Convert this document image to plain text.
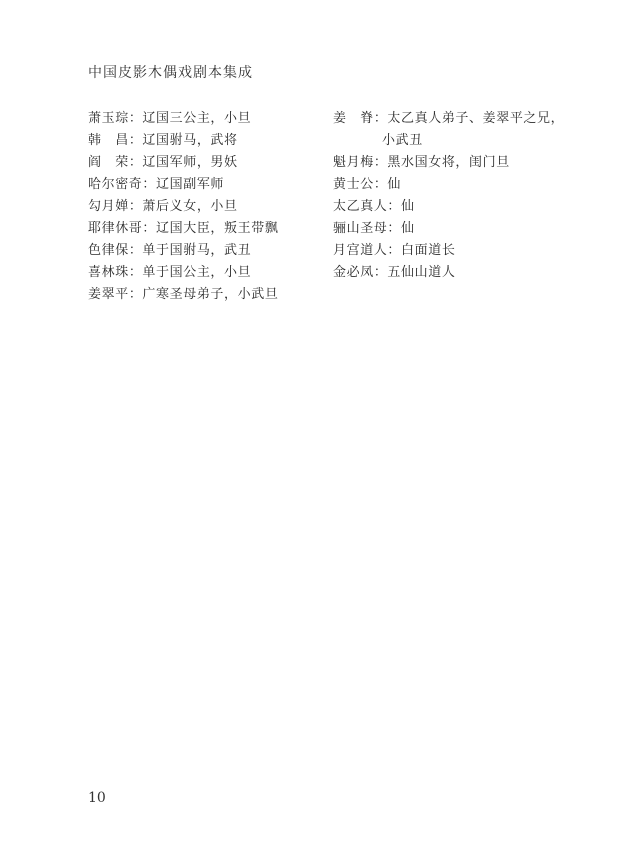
中国皮影木偶戏剧本集成
萧玉琮：辽国三公主，小旦
韩　昌：辽国驸马，武将
阎　荣：辽国军师，男妖
哈尔密奇：辽国副军师
勾月婵：萧后义女，小旦
耶律休哥：辽国大臣，叛王带飘
色律保：单于国驸马，武丑
喜林珠：单于国公主，小旦
姜翠平：广寒圣母弟子，小武旦
姜　脊：太乙真人弟子、姜翠平之兄，
小武丑
魁月梅：黑水国女将，闺门旦
黄士公：仙
太乙真人：仙
骊山圣母：仙
月宫道人：白面道长
金必凤：五仙山道人
10
